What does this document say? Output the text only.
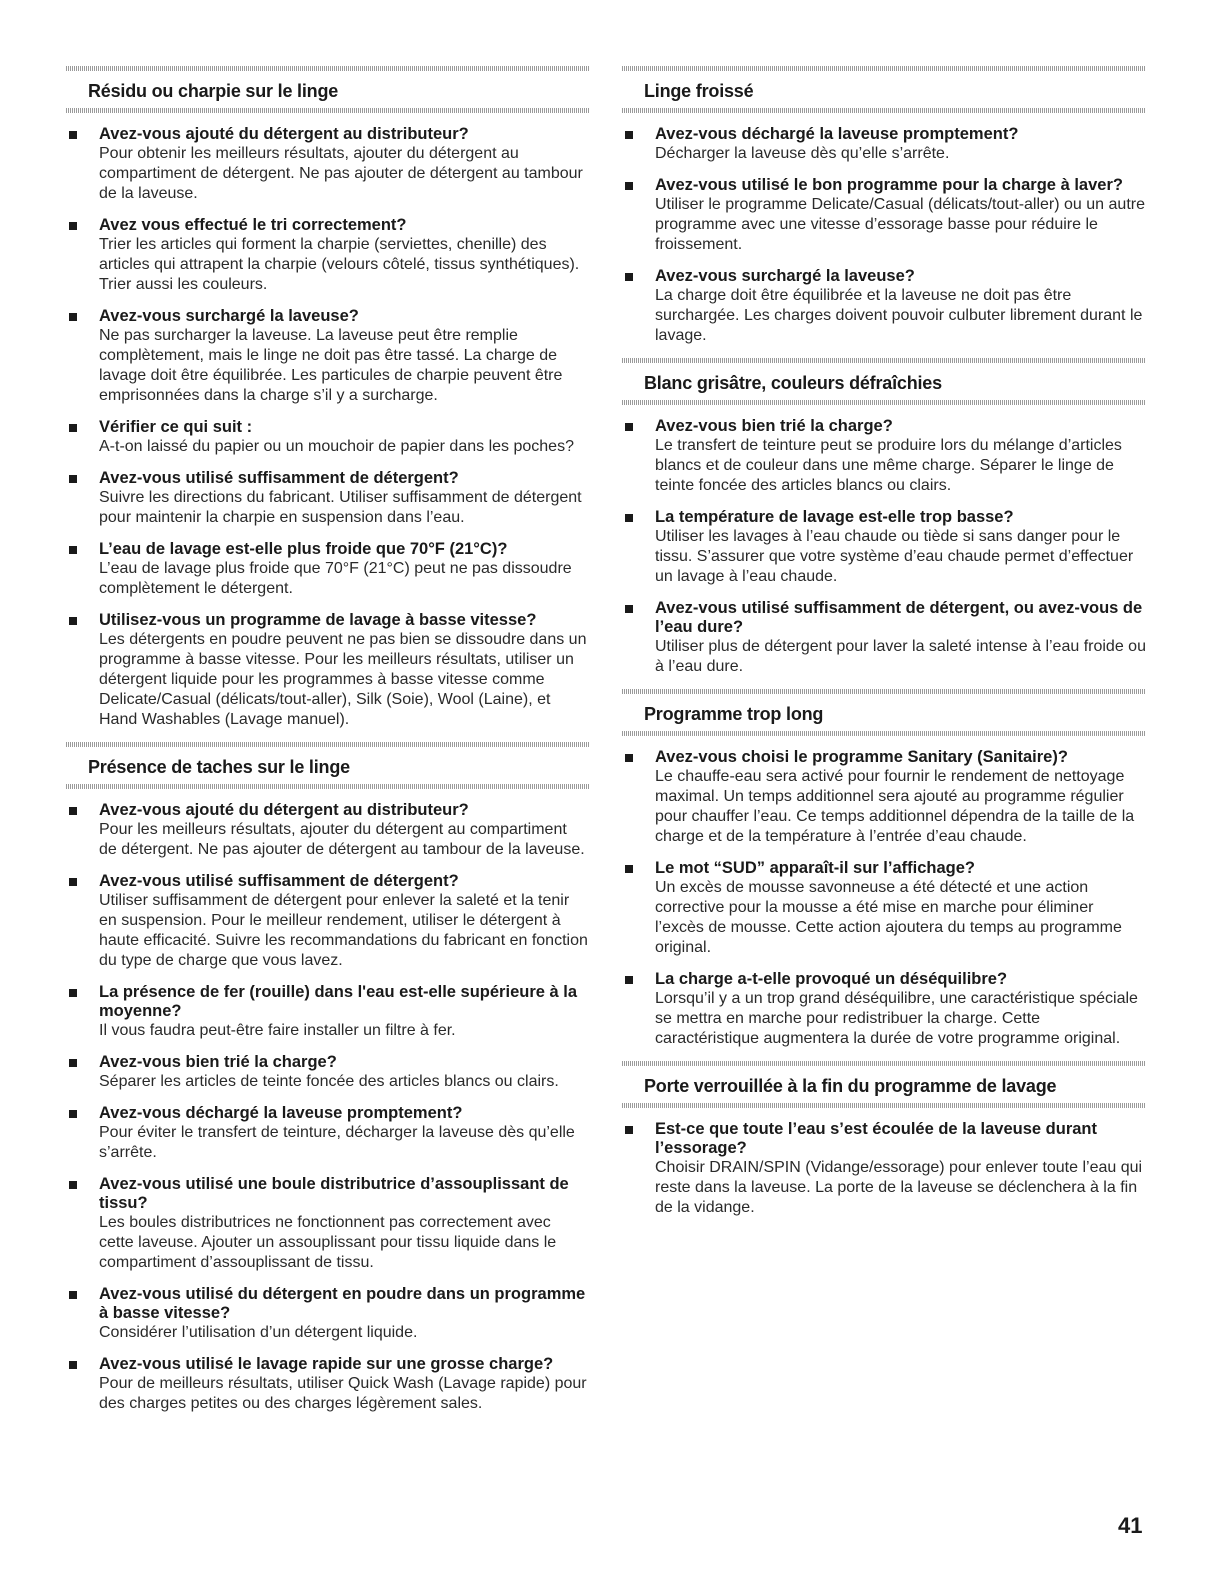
Résidu ou charpie sur le linge
Avez-vous ajouté du détergent au distributeur?
Pour obtenir les meilleurs résultats, ajouter du détergent au compartiment de détergent. Ne pas ajouter de détergent au tambour de la laveuse.
Avez vous effectué le tri correctement?
Trier les articles qui forment la charpie (serviettes, chenille) des articles qui attrapent la charpie (velours côtelé, tissus synthétiques). Trier aussi les couleurs.
Avez-vous surchargé la laveuse?
Ne pas surcharger la laveuse. La laveuse peut être remplie complètement, mais le linge ne doit pas être tassé. La charge de lavage doit être équilibrée. Les particules de charpie peuvent être emprisonnées dans la charge s’il y a surcharge.
Vérifier ce qui suit :
A-t-on laissé du papier ou un mouchoir de papier dans les poches?
Avez-vous utilisé suffisamment de détergent?
Suivre les directions du fabricant. Utiliser suffisamment de détergent pour maintenir la charpie en suspension dans l’eau.
L’eau de lavage est-elle plus froide que 70°F (21°C)?
L’eau de lavage plus froide que 70°F (21°C) peut ne pas dissoudre complètement le détergent.
Utilisez-vous un programme de lavage à basse vitesse?
Les détergents en poudre peuvent ne pas bien se dissoudre dans un programme à basse vitesse. Pour les meilleurs résultats, utiliser un détergent liquide pour les programmes à basse vitesse comme Delicate/Casual (délicats/tout-aller), Silk (Soie), Wool (Laine), et Hand Washables (Lavage manuel).
Présence de taches sur le linge
Avez-vous ajouté du détergent au distributeur?
Pour les meilleurs résultats, ajouter du détergent au compartiment de détergent. Ne pas ajouter de détergent au tambour de la laveuse.
Avez-vous utilisé suffisamment de détergent?
Utiliser suffisamment de détergent pour enlever la saleté et la tenir en suspension. Pour le meilleur rendement, utiliser le détergent à haute efficacité. Suivre les recommandations du fabricant en fonction du type de charge que vous lavez.
La présence de fer (rouille) dans l'eau est-elle supérieure à la moyenne?
Il vous faudra peut-être faire installer un filtre à fer.
Avez-vous bien trié la charge?
Séparer les articles de teinte foncée des articles blancs ou clairs.
Avez-vous déchargé la laveuse promptement?
Pour éviter le transfert de teinture, décharger la laveuse dès qu’elle s’arrête.
Avez-vous utilisé une boule distributrice d’assouplissant de tissu?
Les boules distributrices ne fonctionnent pas correctement avec cette laveuse. Ajouter un assouplissant pour tissu liquide dans le compartiment d’assouplissant de tissu.
Avez-vous utilisé du détergent en poudre dans un programme à basse vitesse?
Considérer l’utilisation d’un détergent liquide.
Avez-vous utilisé le lavage rapide sur une grosse charge?
Pour de meilleurs résultats, utiliser Quick Wash (Lavage rapide) pour des charges petites ou des charges légèrement sales.
Linge froissé
Avez-vous déchargé la laveuse promptement?
Décharger la laveuse dès qu’elle s’arrête.
Avez-vous utilisé le bon programme pour la charge à laver?
Utiliser le programme Delicate/Casual (délicats/tout-aller) ou un autre programme avec une vitesse d’essorage basse pour réduire le froissement.
Avez-vous surchargé la laveuse?
La charge doit être équilibrée et la laveuse ne doit pas être surchargée. Les charges doivent pouvoir culbuter librement durant le lavage.
Blanc grisâtre, couleurs défraîchies
Avez-vous bien trié la charge?
Le transfert de teinture peut se produire lors du mélange d’articles blancs et de couleur dans une même charge. Séparer le linge de teinte foncée des articles blancs ou clairs.
La température de lavage est-elle trop basse?
Utiliser les lavages à l’eau chaude ou tiède si sans danger pour le tissu. S’assurer que votre système d’eau chaude permet d’effectuer un lavage à l’eau chaude.
Avez-vous utilisé suffisamment de détergent, ou avez-vous de l’eau dure?
Utiliser plus de détergent pour laver la saleté intense à l’eau froide ou à l’eau dure.
Programme trop long
Avez-vous choisi le programme Sanitary (Sanitaire)?
Le chauffe-eau sera activé pour fournir le rendement de nettoyage maximal. Un temps additionnel sera ajouté au programme régulier pour chauffer l’eau. Ce temps additionnel dépendra de la taille de la charge et de la température à l’entrée d’eau chaude.
Le mot “SUD” apparaît-il sur l’affichage?
Un excès de mousse savonneuse a été détecté et une action corrective pour la mousse a été mise en marche pour éliminer l’excès de mousse. Cette action ajoutera du temps au programme original.
La charge a-t-elle provoqué un déséquilibre?
Lorsqu’il y a un trop grand déséquilibre, une caractéristique spéciale se mettra en marche pour redistribuer la charge. Cette caractéristique augmentera la durée de votre programme original.
Porte verrouillée à la fin du programme de lavage
Est-ce que toute l’eau s’est écoulée de la laveuse durant l’essorage?
Choisir DRAIN/SPIN (Vidange/essorage) pour enlever toute l’eau qui reste dans la laveuse. La porte de la laveuse se déclenchera à la fin de la vidange.
41
